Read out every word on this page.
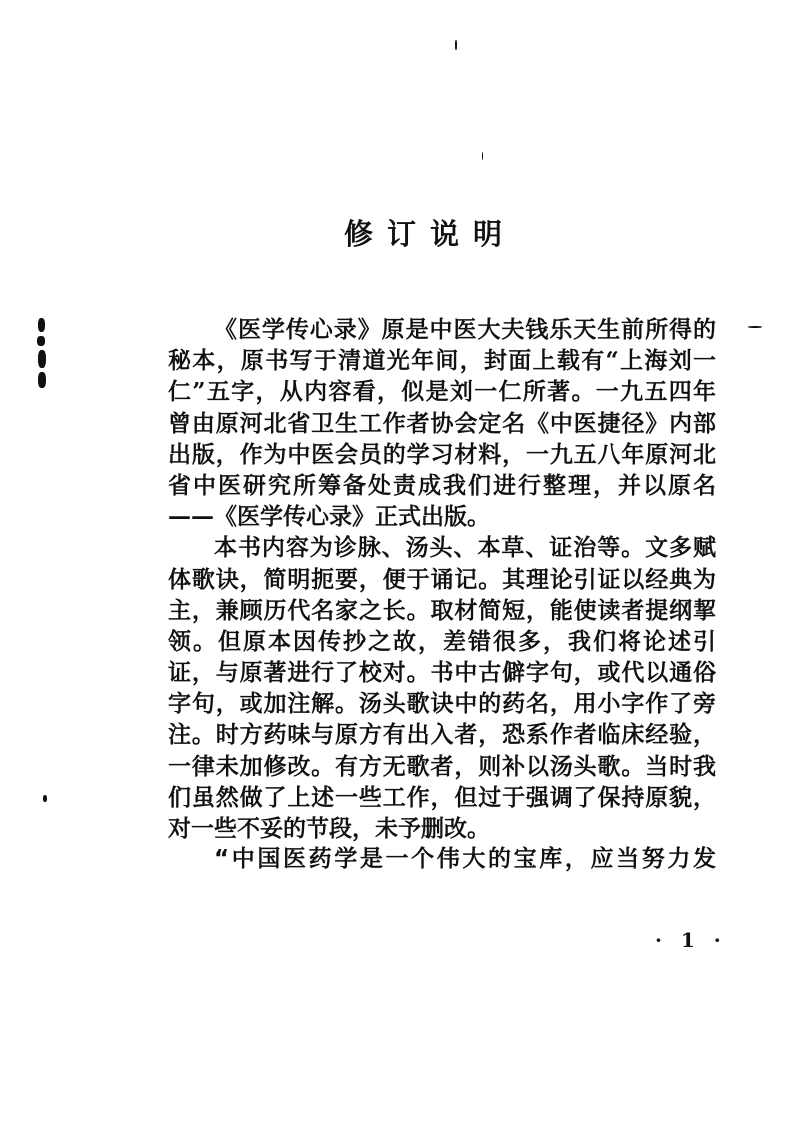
修订说明
《医学传心录》原是中医大夫钱乐天生前所得的
秘本，原书写于清道光年间，封面上载有“上海刘一
仁”五字，从内容看，似是刘一仁所著。一九五四年
曾由原河北省卫生工作者协会定名《中医捷径》内部
出版，作为中医会员的学习材料，一九五八年原河北
省中医研究所筹备处责成我们进行整理，并以原名
——《医学传心录》正式出版。
本书内容为诊脉、汤头、本草、证治等。文多赋
体歌诀，简明扼要，便于诵记。其理论引证以经典为
主，兼顾历代名家之长。取材简短，能使读者提纲挈
领。但原本因传抄之故，差错很多，我们将论述引
证，与原著进行了校对。书中古僻字句，或代以通俗
字句，或加注解。汤头歌诀中的药名，用小字作了旁
注。时方药味与原方有出入者，恐系作者临床经验，
一律未加修改。有方无歌者，则补以汤头歌。当时我
们虽然做了上述一些工作，但过于强调了保持原貌，
对一些不妥的节段，未予删改。
“中国医药学是一个伟大的宝库，应当努力发
· 1 ·
